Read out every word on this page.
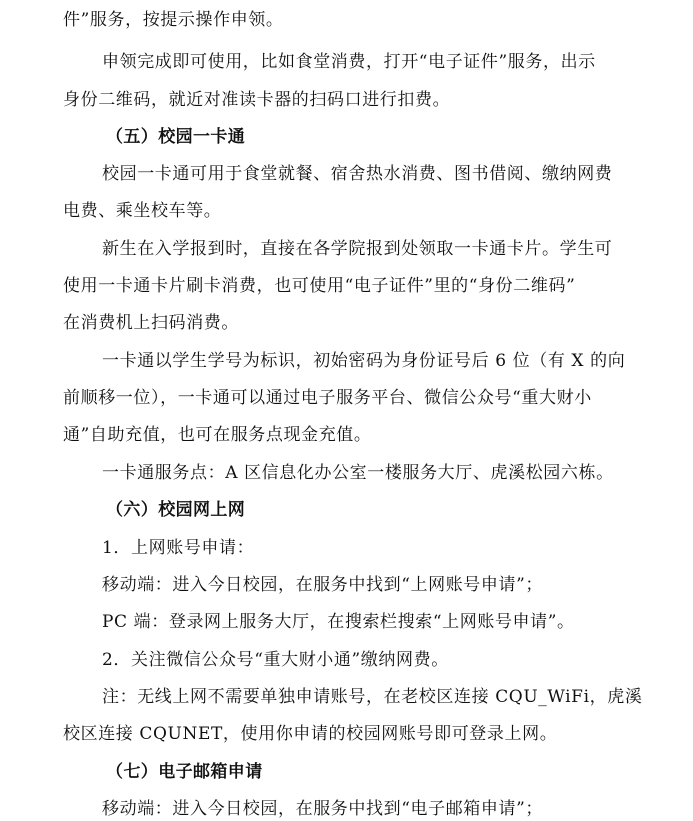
件”服务，按提示操作申领。
申领完成即可使用，比如食堂消费，打开“电子证件”服务，出示
身份二维码，就近对准读卡器的扫码口进行扣费。
（五）校园一卡通
校园一卡通可用于食堂就餐、宿舍热水消费、图书借阅、缴纳网费
电费、乘坐校车等。
新生在入学报到时，直接在各学院报到处领取一卡通卡片。学生可
使用一卡通卡片刷卡消费，也可使用“电子证件”里的“身份二维码”
在消费机上扫码消费。
一卡通以学生学号为标识，初始密码为身份证号后 6 位（有 X 的向
前顺移一位），一卡通可以通过电子服务平台、微信公众号“重大财小
通”自助充值，也可在服务点现金充值。
一卡通服务点：A 区信息化办公室一楼服务大厅、虎溪松园六栋。
（六）校园网上网
1．上网账号申请：
移动端：进入今日校园，在服务中找到“上网账号申请”；
PC 端：登录网上服务大厅，在搜索栏搜索“上网账号申请”。
2．关注微信公众号“重大财小通”缴纳网费。
注：无线上网不需要单独申请账号，在老校区连接 CQU_WiFi，虎溪
校区连接 CQUNET，使用你申请的校园网账号即可登录上网。
（七）电子邮箱申请
移动端：进入今日校园，在服务中找到“电子邮箱申请”；
